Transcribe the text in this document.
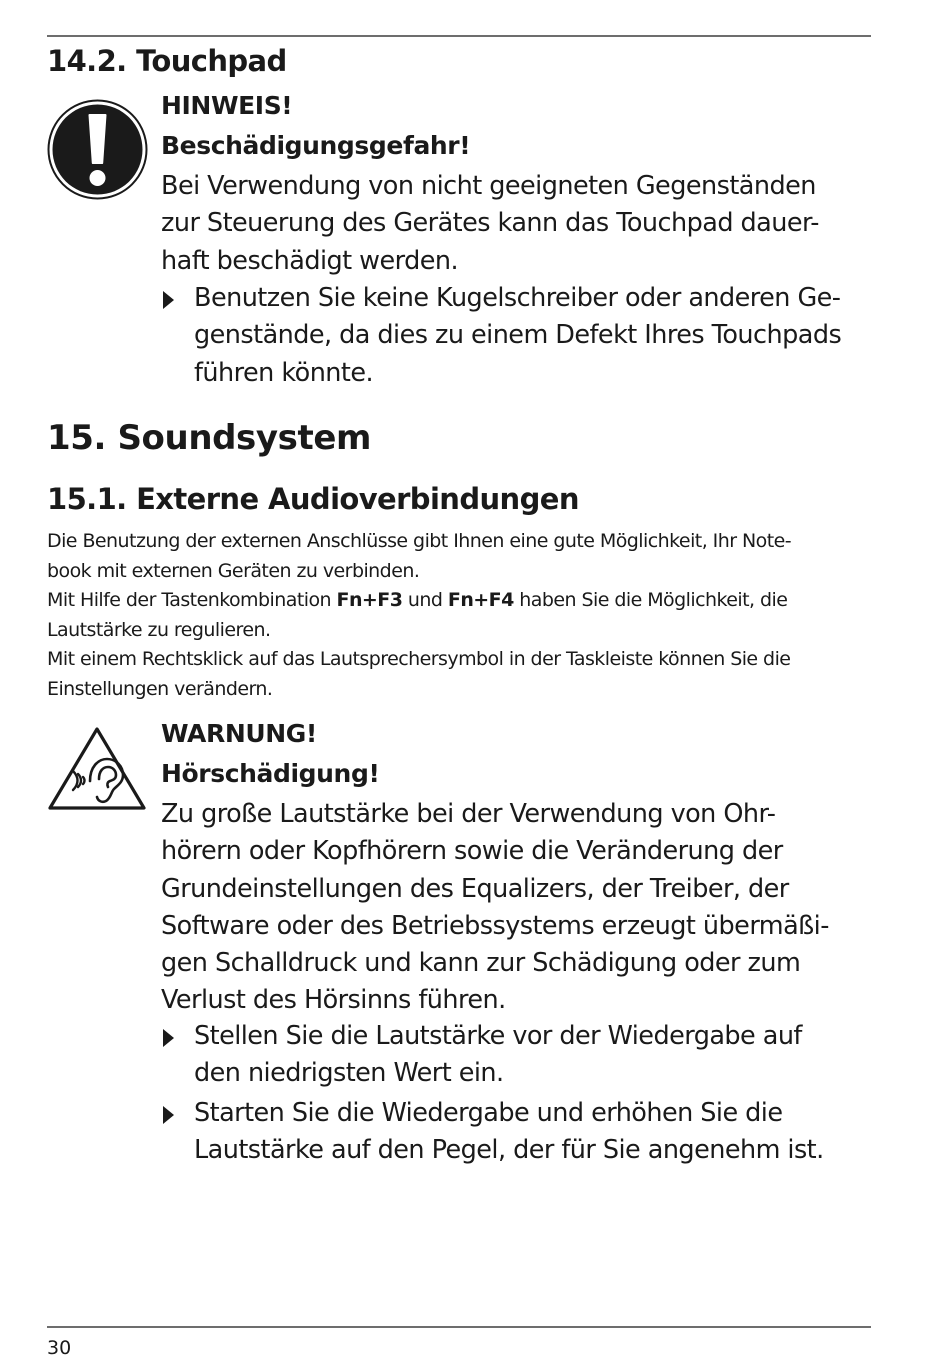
14.2. Touchpad

HINWEIS!

Beschädigungsgefahr!

Bei Verwendung von nicht geeigneten Gegenständen
zur Steuerung des Gerätes kann das Touchpad dauer-
haft beschädigt werden.

Benutzen Sie keine Kugelschreiber oder anderen Ge-
genstände, da dies zu einem Defekt Ihres Touchpads
führen könnte.
15. Soundsystem
15.1. Externe Audioverbindungen

Die Benutzung der externen Anschlüsse gibt Ihnen eine gute Möglichkeit, Ihr Note-
book mit externen Geräten zu verbinden.
Mit Hilfe der Tastenkombination Fn+F3 und Fn+F4 haben Sie die Möglichkeit, die
Lautstärke zu regulieren.
Mit einem Rechtsklick auf das Lautsprechersymbol in der Taskleiste können Sie die
Einstellungen verändern.

WARNUNG!

Hörschädigung!

Zu große Lautstärke bei der Verwendung von Ohr-
hörern oder Kopfhörern sowie die Veränderung der
Grundeinstellungen des Equalizers, der Treiber, der
Software oder des Betriebssystems erzeugt übermäßi-
gen Schalldruck und kann zur Schädigung oder zum
Verlust des Hörsinns führen.

Stellen Sie die Lautstärke vor der Wiedergabe auf
den niedrigsten Wert ein.
Starten Sie die Wiedergabe und erhöhen Sie die
Lautstärke auf den Pegel, der für Sie angenehm ist.

30
